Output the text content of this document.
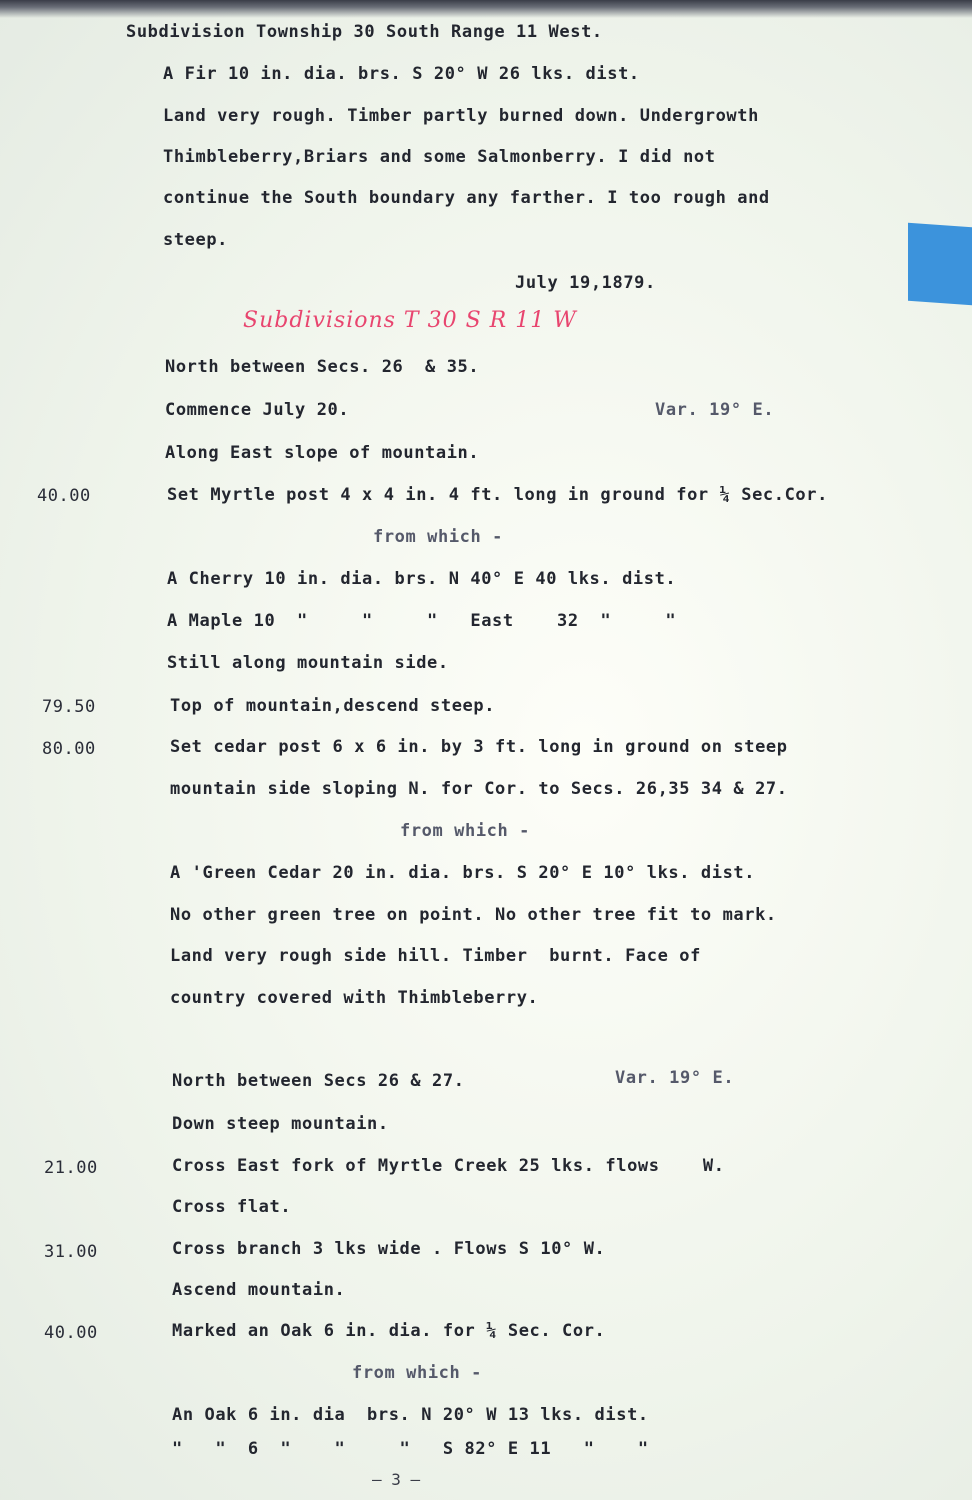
Subdivision Township 30 South Range 11 West.
A Fir 10 in. dia. brs. S 20° W 26 lks. dist.
Land very rough. Timber partly burned down. Undergrowth
Thimbleberry,Briars and some Salmonberry. I did not
continue the South boundary any farther. I too rough and
steep.
July 19,1879.
Subdivisions T 30 S R 11 W
North between Secs. 26  & 35.
Commence July 20.	Var. 19° E.
Along East slope of mountain.
40.00	Set Myrtle post 4 x 4 in. 4 ft. long in ground for ¼ Sec.Cor.
from which -
A Cherry 10 in. dia. brs. N 40° E 40 lks. dist.
A Maple 10  "     "     "   East    32  "     "
Still along mountain side.
79.50	Top of mountain,descend steep.
80.00	Set cedar post 6 x 6 in. by 3 ft. long in ground on steep
mountain side sloping N. for Cor. to Secs. 26,35 34 & 27.
from which -
A 'Green Cedar 20 in. dia. brs. S 20° E 10° lks. dist.
No other green tree on point. No other tree fit to mark.
Land very rough side hill. Timber  burnt. Face of
country covered with Thimbleberry.
North between Secs 26 & 27.	Var. 19° E.
Down steep mountain.
21.00	Cross East fork of Myrtle Creek 25 lks. flows    W.
Cross flat.
31.00	Cross branch 3 lks wide . Flows S 10° W.
Ascend mountain.
40.00	Marked an Oak 6 in. dia. for ¼ Sec. Cor.
from which -
An Oak 6 in. dia  brs. N 20° W 13 lks. dist.
"   "  6  "    "     "   S 82° E 11   "    "
— 3 —
